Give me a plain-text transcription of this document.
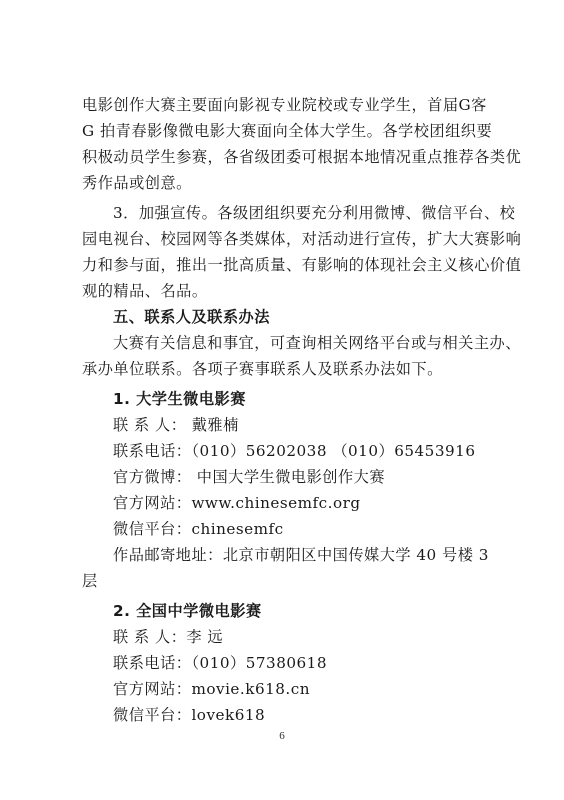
电影创作大赛主要面向影视专业院校或专业学生，首届G客
G 拍青春影像微电影大赛面向全体大学生。各学校团组织要
积极动员学生参赛，各省级团委可根据本地情况重点推荐各类优
秀作品或创意。
3．加强宣传。各级团组织要充分利用微博、微信平台、校
园电视台、校园网等各类媒体，对活动进行宣传，扩大大赛影响
力和参与面，推出一批高质量、有影响的体现社会主义核心价值
观的精品、名品。
五、联系人及联系办法
大赛有关信息和事宜，可查询相关网络平台或与相关主办、
承办单位联系。各项子赛事联系人及联系办法如下。
1. 大学生微电影赛
联 系 人： 戴雅楠
联系电话：（010）56202038 （010）65453916
官方微博： 中国大学生微电影创作大赛
官方网站：www.chinesemfc.org
微信平台：chinesemfc
作品邮寄地址：北京市朝阳区中国传媒大学 40 号楼 3
层
2. 全国中学微电影赛
联 系 人：李 远
联系电话：（010）57380618
官方网站：movie.k618.cn
微信平台：lovek618
6
